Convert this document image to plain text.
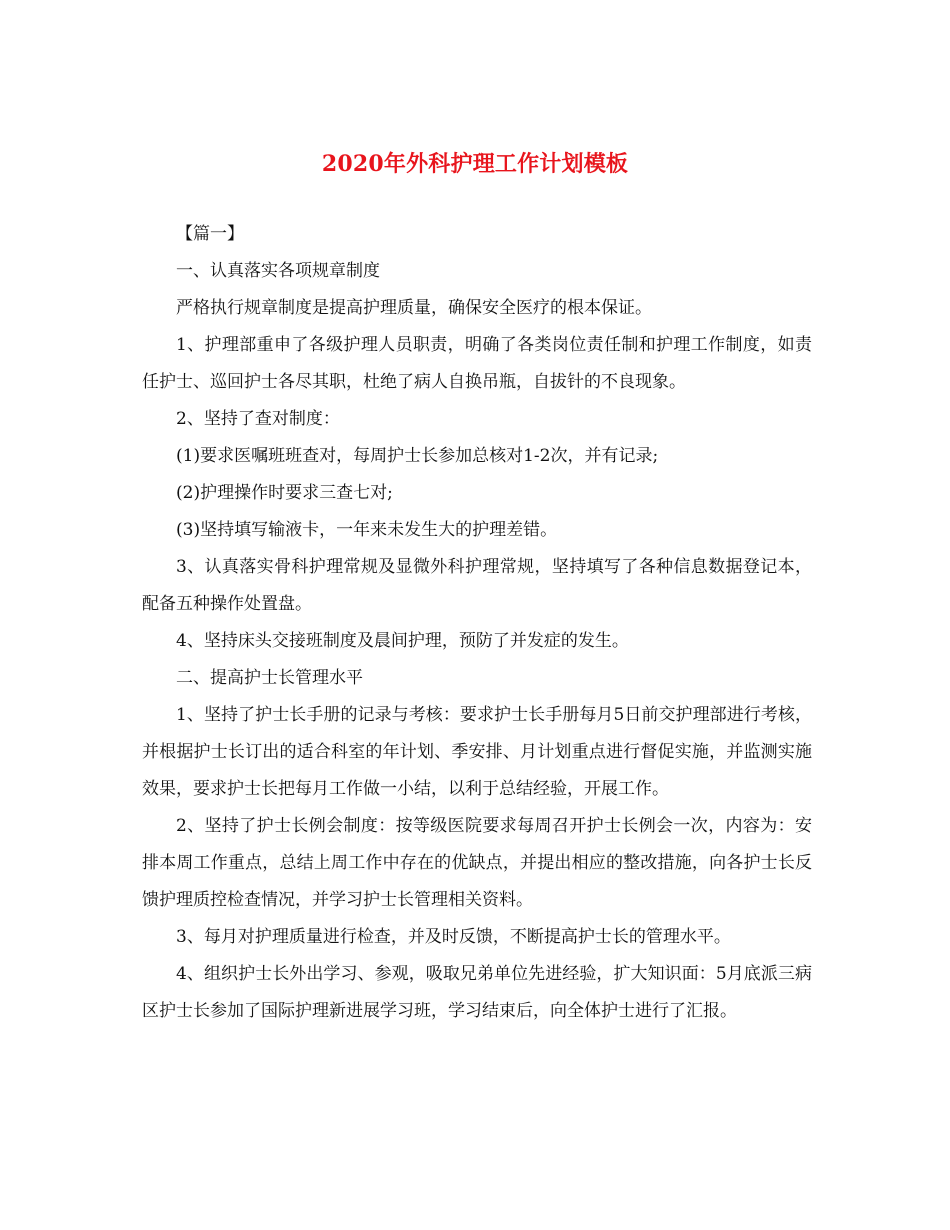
2020年外科护理工作计划模板

【篇一】

一、认真落实各项规章制度

严格执行规章制度是提高护理质量，确保安全医疗的根本保证。

1、护理部重申了各级护理人员职责，明确了各类岗位责任制和护理工作制度，如责任护士、巡回护士各尽其职，杜绝了病人自换吊瓶，自拔针的不良现象。

2、坚持了查对制度：

(1)要求医嘱班班查对，每周护士长参加总核对1-2次，并有记录;

(2)护理操作时要求三查七对;

(3)坚持填写输液卡，一年来未发生大的护理差错。

3、认真落实骨科护理常规及显微外科护理常规，坚持填写了各种信息数据登记本，配备五种操作处置盘。

4、坚持床头交接班制度及晨间护理，预防了并发症的发生。

二、提高护士长管理水平

1、坚持了护士长手册的记录与考核：要求护士长手册每月5日前交护理部进行考核，并根据护士长订出的适合科室的年计划、季安排、月计划重点进行督促实施，并监测实施效果，要求护士长把每月工作做一小结，以利于总结经验，开展工作。

2、坚持了护士长例会制度：按等级医院要求每周召开护士长例会一次，内容为：安排本周工作重点，总结上周工作中存在的优缺点，并提出相应的整改措施，向各护士长反馈护理质控检查情况，并学习护士长管理相关资料。

3、每月对护理质量进行检查，并及时反馈，不断提高护士长的管理水平。

4、组织护士长外出学习、参观，吸取兄弟单位先进经验，扩大知识面：5月底派三病区护士长参加了国际护理新进展学习班，学习结束后，向全体护士进行了汇报。
